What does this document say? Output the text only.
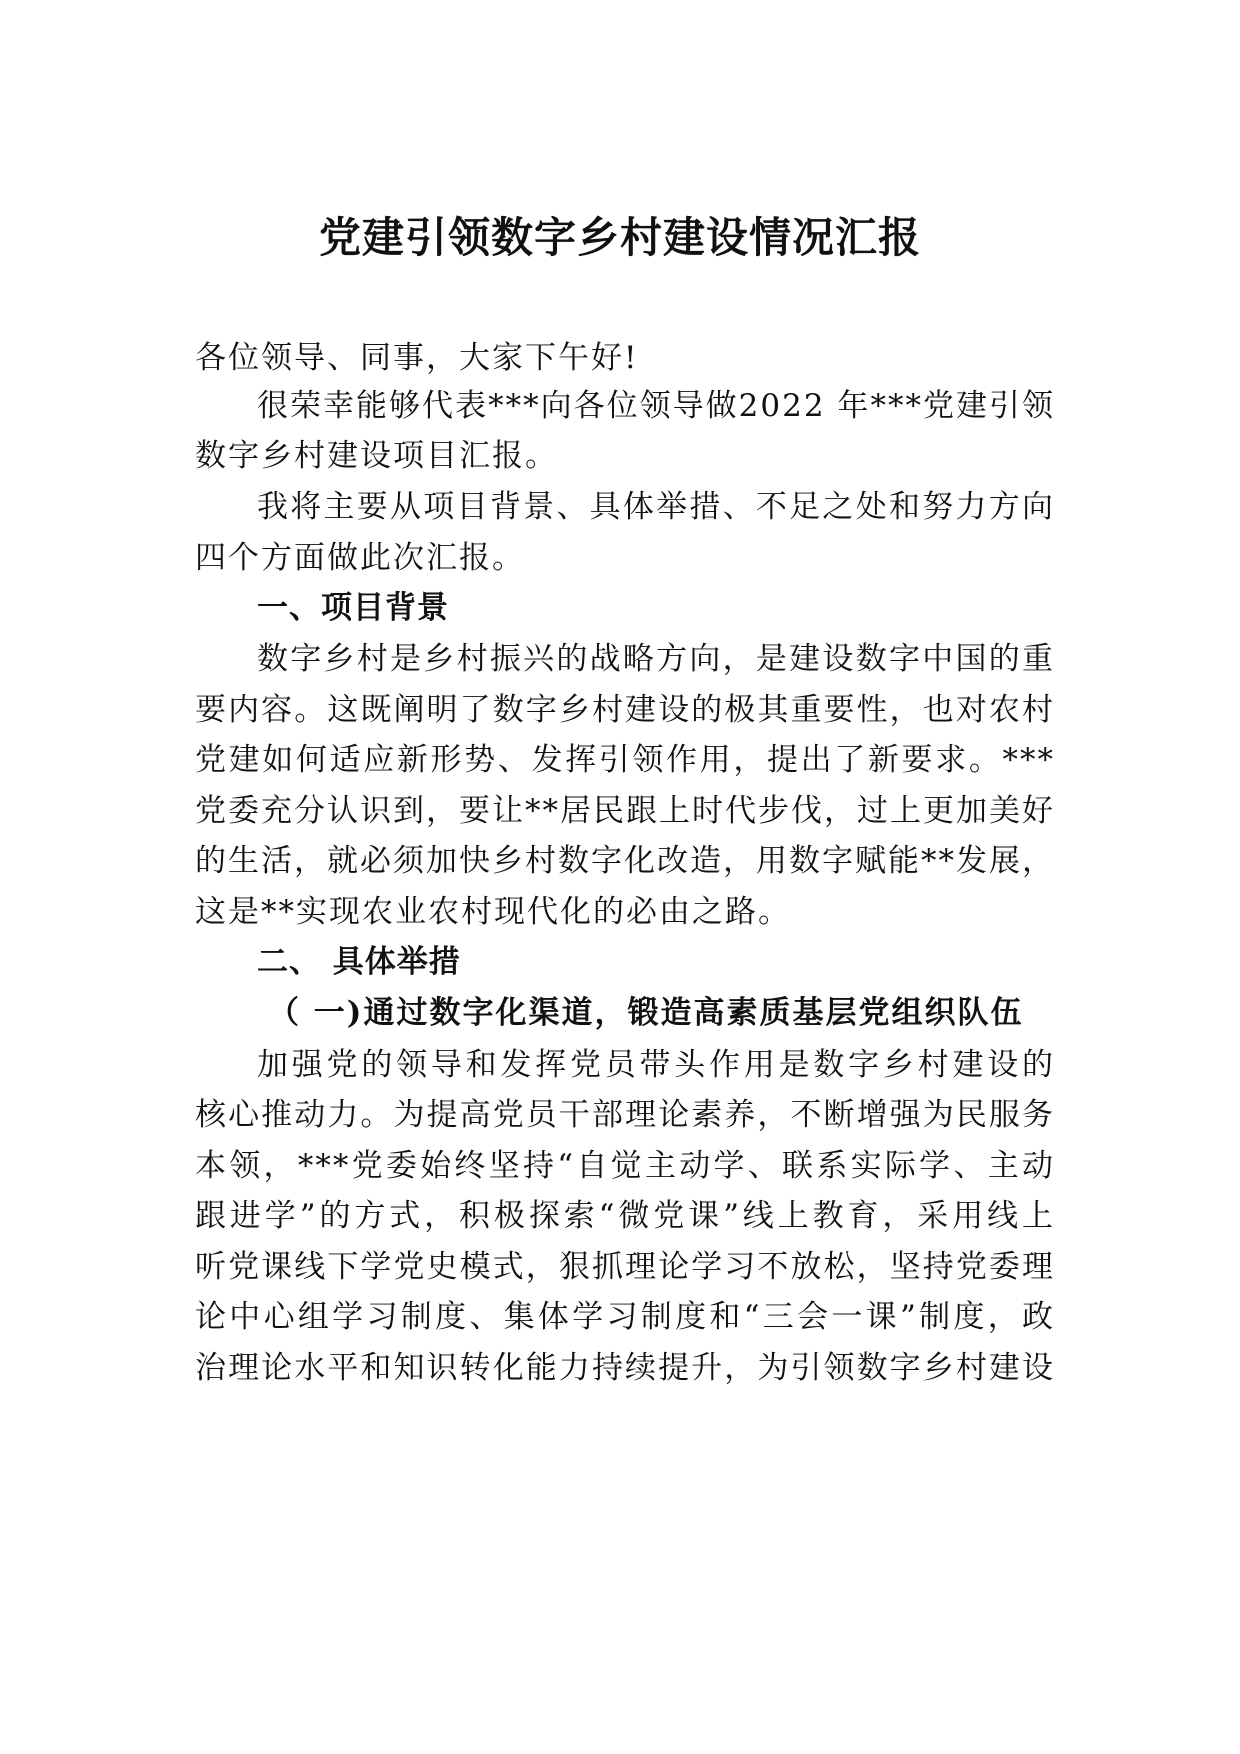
党建引领数字乡村建设情况汇报
各位领导、同事，大家下午好!
很荣幸能够代表***向各位领导做2022 年***党建引领
数字乡村建设项目汇报。
我将主要从项目背景、具体举措、不足之处和努力方向
四个方面做此次汇报。
一、项目背景
数字乡村是乡村振兴的战略方向，是建设数字中国的重
要内容。这既阐明了数字乡村建设的极其重要性，也对农村
党建如何适应新形势、发挥引领作用，提出了新要求。***
党委充分认识到，要让**居民跟上时代步伐，过上更加美好
的生活，就必须加快乡村数字化改造，用数字赋能**发展，
这是**实现农业农村现代化的必由之路。
二、 具体举措
（ 一)通过数字化渠道，锻造高素质基层党组织队伍
加强党的领导和发挥党员带头作用是数字乡村建设的
核心推动力。为提高党员干部理论素养，不断增强为民服务
本领，***党委始终坚持“自觉主动学、联系实际学、主动
跟进学”的方式，积极探索“微党课”线上教育，采用线上
听党课线下学党史模式，狠抓理论学习不放松，坚持党委理
论中心组学习制度、集体学习制度和“三会一课”制度，政
治理论水平和知识转化能力持续提升，为引领数字乡村建设
